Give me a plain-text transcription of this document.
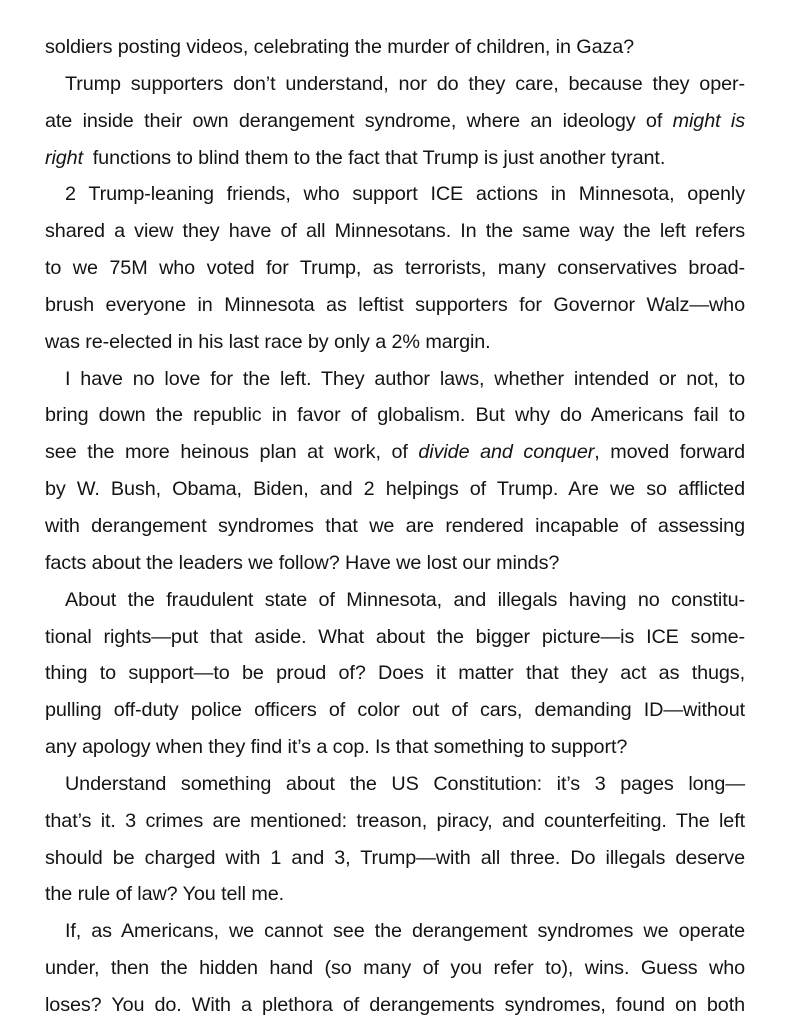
soldiers posting videos, celebrating the murder of children, in Gaza?
Trump supporters don’t understand, nor do they care, because they oper-
ate inside their own derangement syndrome, where an ideology of might is
right functions to blind them to the fact that Trump is just another tyrant.
2 Trump-leaning friends, who support ICE actions in Minnesota, openly
shared a view they have of all Minnesotans. In the same way the left refers
to we 75M who voted for Trump, as terrorists, many conservatives broad-
brush everyone in Minnesota as leftist supporters for Governor Walz—who
was re-elected in his last race by only a 2% margin.
I have no love for the left. They author laws, whether intended or not, to
bring down the republic in favor of globalism. But why do Americans fail to
see the more heinous plan at work, of divide and conquer, moved forward
by W. Bush, Obama, Biden, and 2 helpings of Trump. Are we so afflicted
with derangement syndromes that we are rendered incapable of assessing
facts about the leaders we follow? Have we lost our minds?
About the fraudulent state of Minnesota, and illegals having no constitu-
tional rights—put that aside. What about the bigger picture—is ICE some-
thing to support—to be proud of? Does it matter that they act as thugs,
pulling off-duty police officers of color out of cars, demanding ID—without
any apology when they find it’s a cop. Is that something to support?
Understand something about the US Constitution: it’s 3 pages long—
that’s it. 3 crimes are mentioned: treason, piracy, and counterfeiting. The left
should be charged with 1 and 3, Trump—with all three. Do illegals deserve
the rule of law? You tell me.
If, as Americans, we cannot see the derangement syndromes we operate
under, then the hidden hand (so many of you refer to), wins. Guess who
loses? You do. With a plethora of derangements syndromes, found on both
